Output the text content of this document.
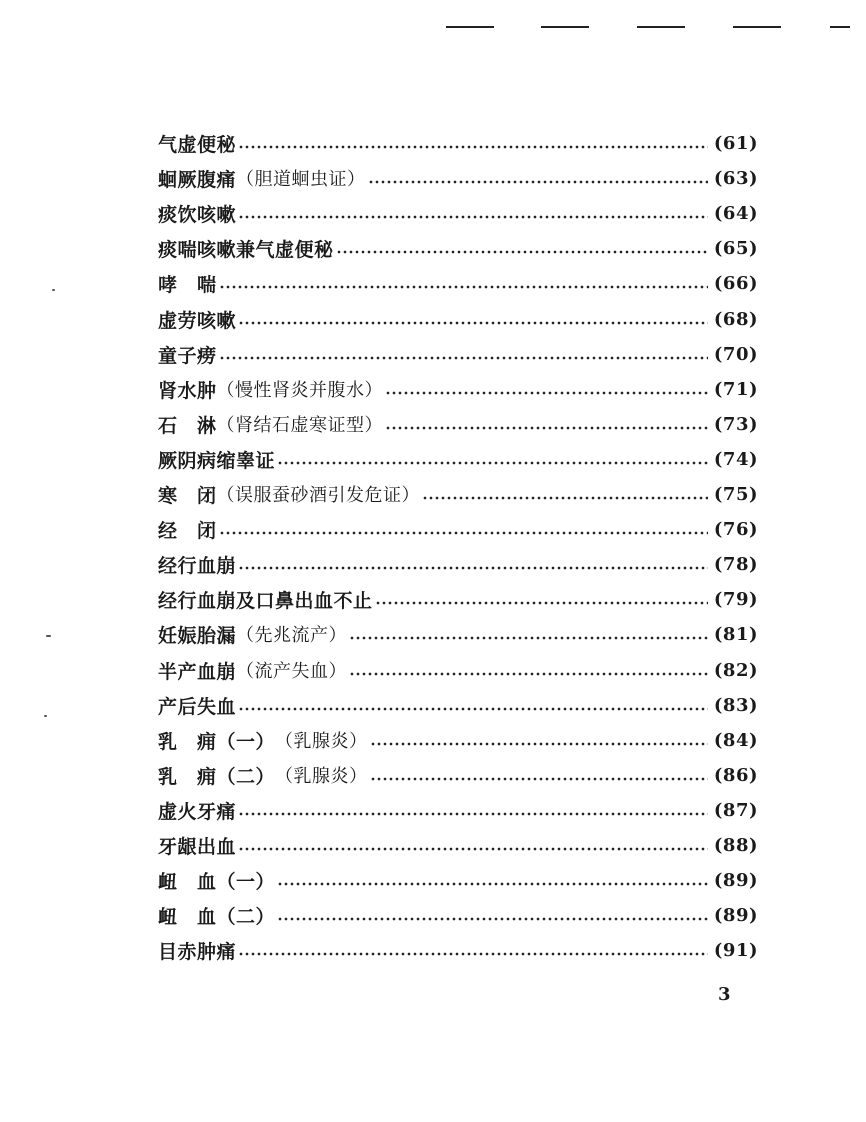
气虚便秘	(61)
蛔厥腹痛 （胆道蛔虫证）	(63)
痰饮咳嗽	(64)
痰喘咳嗽兼气虚便秘	(65)
哮　喘	(66)
虚劳咳嗽	(68)
童子痨	(70)
肾水肿 （慢性肾炎并腹水）	(71)
石　淋 （肾结石虚寒证型）	(73)
厥阴病缩睾证	(74)
寒　闭 （误服蚕砂酒引发危证）	(75)
经　闭	(76)
经行血崩	(78)
经行血崩及口鼻出血不止	(79)
妊娠胎漏 （先兆流产）	(81)
半产血崩 （流产失血）	(82)
产后失血	(83)
乳　痈（一） （乳腺炎）	(84)
乳　痈（二） （乳腺炎）	(86)
虚火牙痛	(87)
牙龈出血	(88)
衄　血（一）	(89)
衄　血（二）	(89)
目赤肿痛	(91)
3
